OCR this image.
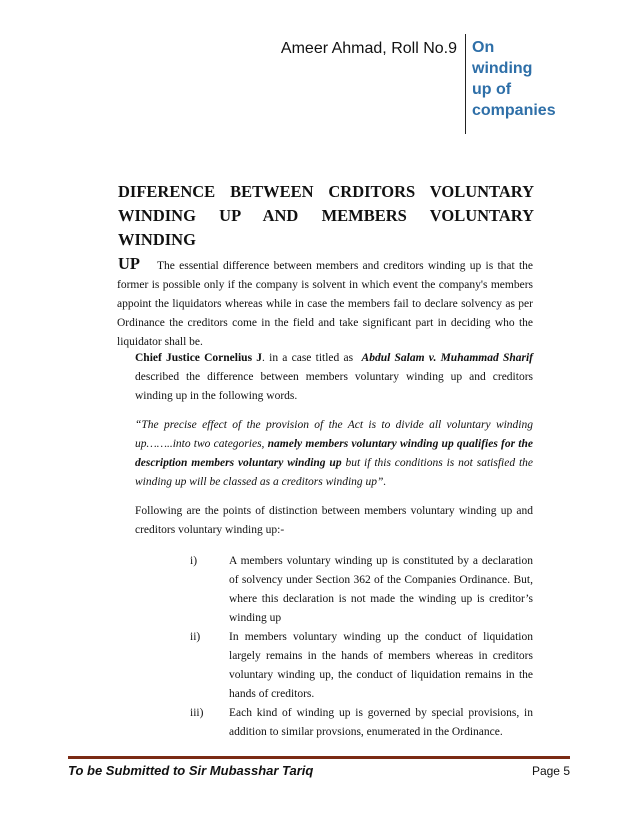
Ameer Ahmad, Roll No.9 On
winding
up of
companies
DIFERENCE BETWEEN CRDITORS VOLUNTARY
WINDING UP AND MEMBERS VOLUNTARY WINDING
UP	The essential difference between members and creditors winding up is that the former is possible only if the company is solvent in which event the company's members appoint the liquidators whereas while in case the members fail to declare solvency as per Ordinance the creditors come in the field and take significant part in deciding who the liquidator shall be.
Chief Justice Cornelius J. in a case titled as Abdul Salam v. Muhammad Sharif described the difference between members voluntary winding up and creditors winding up in the following words.
“The precise effect of the provision of the Act is to divide all voluntary winding up……..into two categories, namely members voluntary winding up qualifies for the description members voluntary winding up but if this conditions is not satisfied the winding up will be classed as a creditors winding up”.
Following are the points of distinction between members voluntary winding up and creditors voluntary winding up:-

i)	A members voluntary winding up is constituted by a declaration of solvency under Section 362 of the Companies Ordinance. But, where this declaration is not made the winding up is creditor’s winding up

ii)	In members voluntary winding up the conduct of liquidation largely remains in the hands of members whereas in creditors voluntary winding up, the conduct of liquidation remains in the hands of creditors.

iii) Each kind of winding up is governed by special provisions, in addition to similar provsions, enumerated in the Ordinance.

To be Submitted to Sir Mubasshar Tariq	Page 5
